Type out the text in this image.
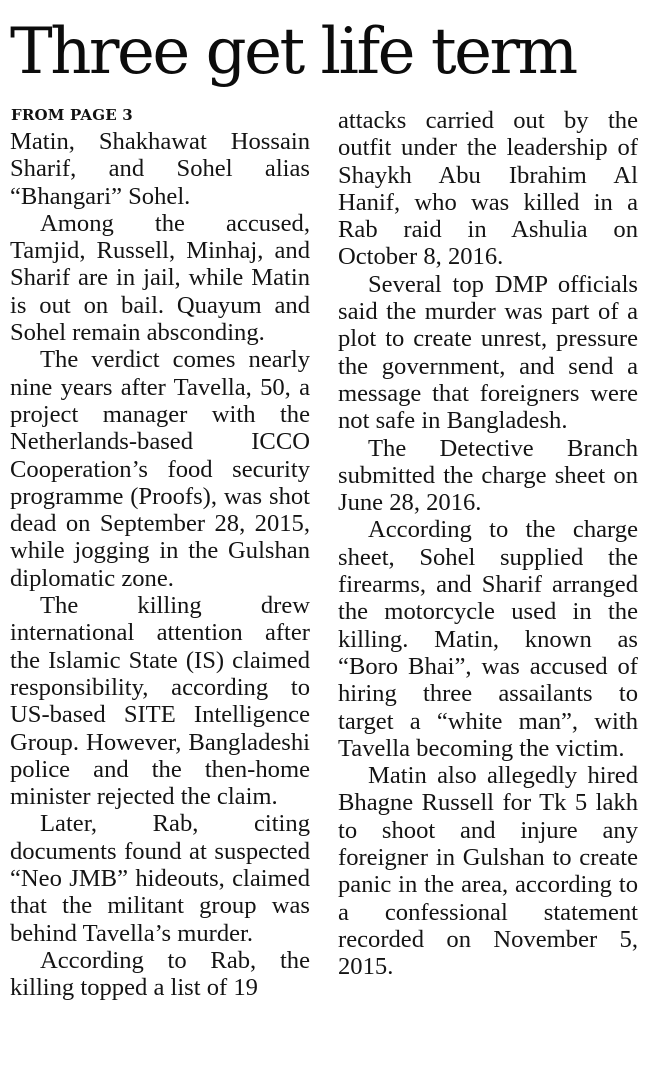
Three get life term
FROM PAGE 3

Matin, Shakhawat Hossain Sharif, and Sohel alias “Bhangari” Sohel.

Among the accused, Tamjid, Russell, Minhaj, and Sharif are in jail, while Matin is out on bail. Quayum and Sohel remain absconding.

The verdict comes nearly nine years after Tavella, 50, a project manager with the Netherlands-based ICCO Cooperation’s food security programme (Proofs), was shot dead on September 28, 2015, while jogging in the Gulshan diplomatic zone.

The killing drew international attention after the Islamic State (IS) claimed responsibility, according to US-based SITE Intelligence Group. However, Bangladeshi police and the then-home minister rejected the claim.

Later, Rab, citing documents found at suspected “Neo JMB” hideouts, claimed that the militant group was behind Tavella’s murder.

According to Rab, the killing topped a list of 19

attacks carried out by the outfit under the leadership of Shaykh Abu Ibrahim Al Hanif, who was killed in a Rab raid in Ashulia on October 8, 2016.

Several top DMP officials said the murder was part of a plot to create unrest, pressure the government, and send a message that foreigners were not safe in Bangladesh.

The Detective Branch submitted the charge sheet on June 28, 2016.

According to the charge sheet, Sohel supplied the firearms, and Sharif arranged the motorcycle used in the killing. Matin, known as “Boro Bhai”, was accused of hiring three assailants to target a “white man”, with Tavella becoming the victim.

Matin also allegedly hired Bhagne Russell for Tk 5 lakh to shoot and injure any foreigner in Gulshan to create panic in the area, according to a confessional statement recorded on November 5, 2015.
